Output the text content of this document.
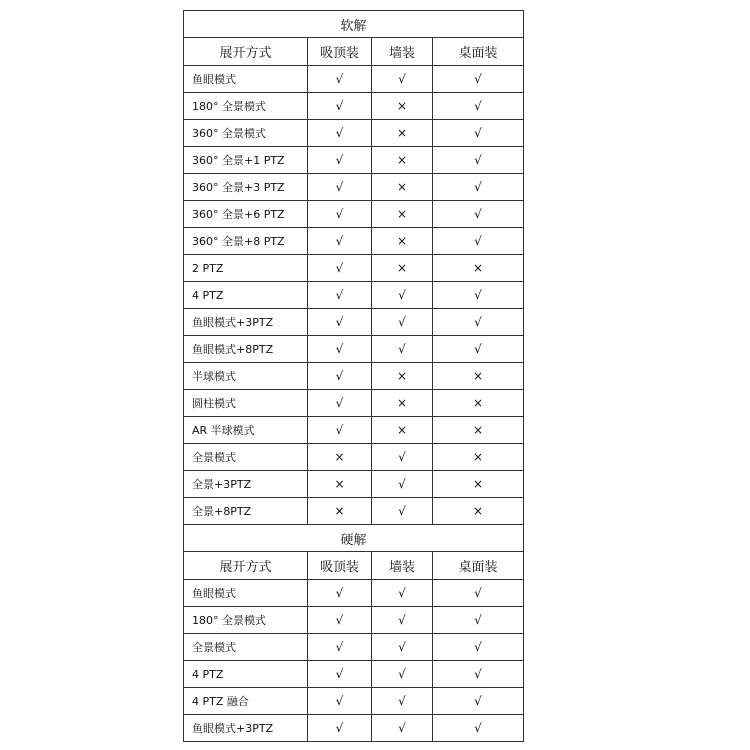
软解			
展开方式	吸顶装	墙装	桌面装
鱼眼模式	√	√	√
180° 全景模式	√	×	√
360° 全景模式	√	×	√
360° 全景+1 PTZ	√	×	√
360° 全景+3 PTZ	√	×	√
360° 全景+6 PTZ	√	×	√
360° 全景+8 PTZ	√	×	√
2 PTZ	√	×	×
4 PTZ	√	√	√
鱼眼模式+3PTZ	√	√	√
鱼眼模式+8PTZ	√	√	√
半球模式	√	×	×
圆柱模式	√	×	×
AR 半球模式	√	×	×
全景模式	×	√	×
全景+3PTZ	×	√	×
全景+8PTZ	×	√	×
硬解			
展开方式	吸顶装	墙装	桌面装
鱼眼模式	√	√	√
180° 全景模式	√	√	√
全景模式	√	√	√
4 PTZ	√	√	√
4 PTZ 融合	√	√	√
鱼眼模式+3PTZ	√	√	√
